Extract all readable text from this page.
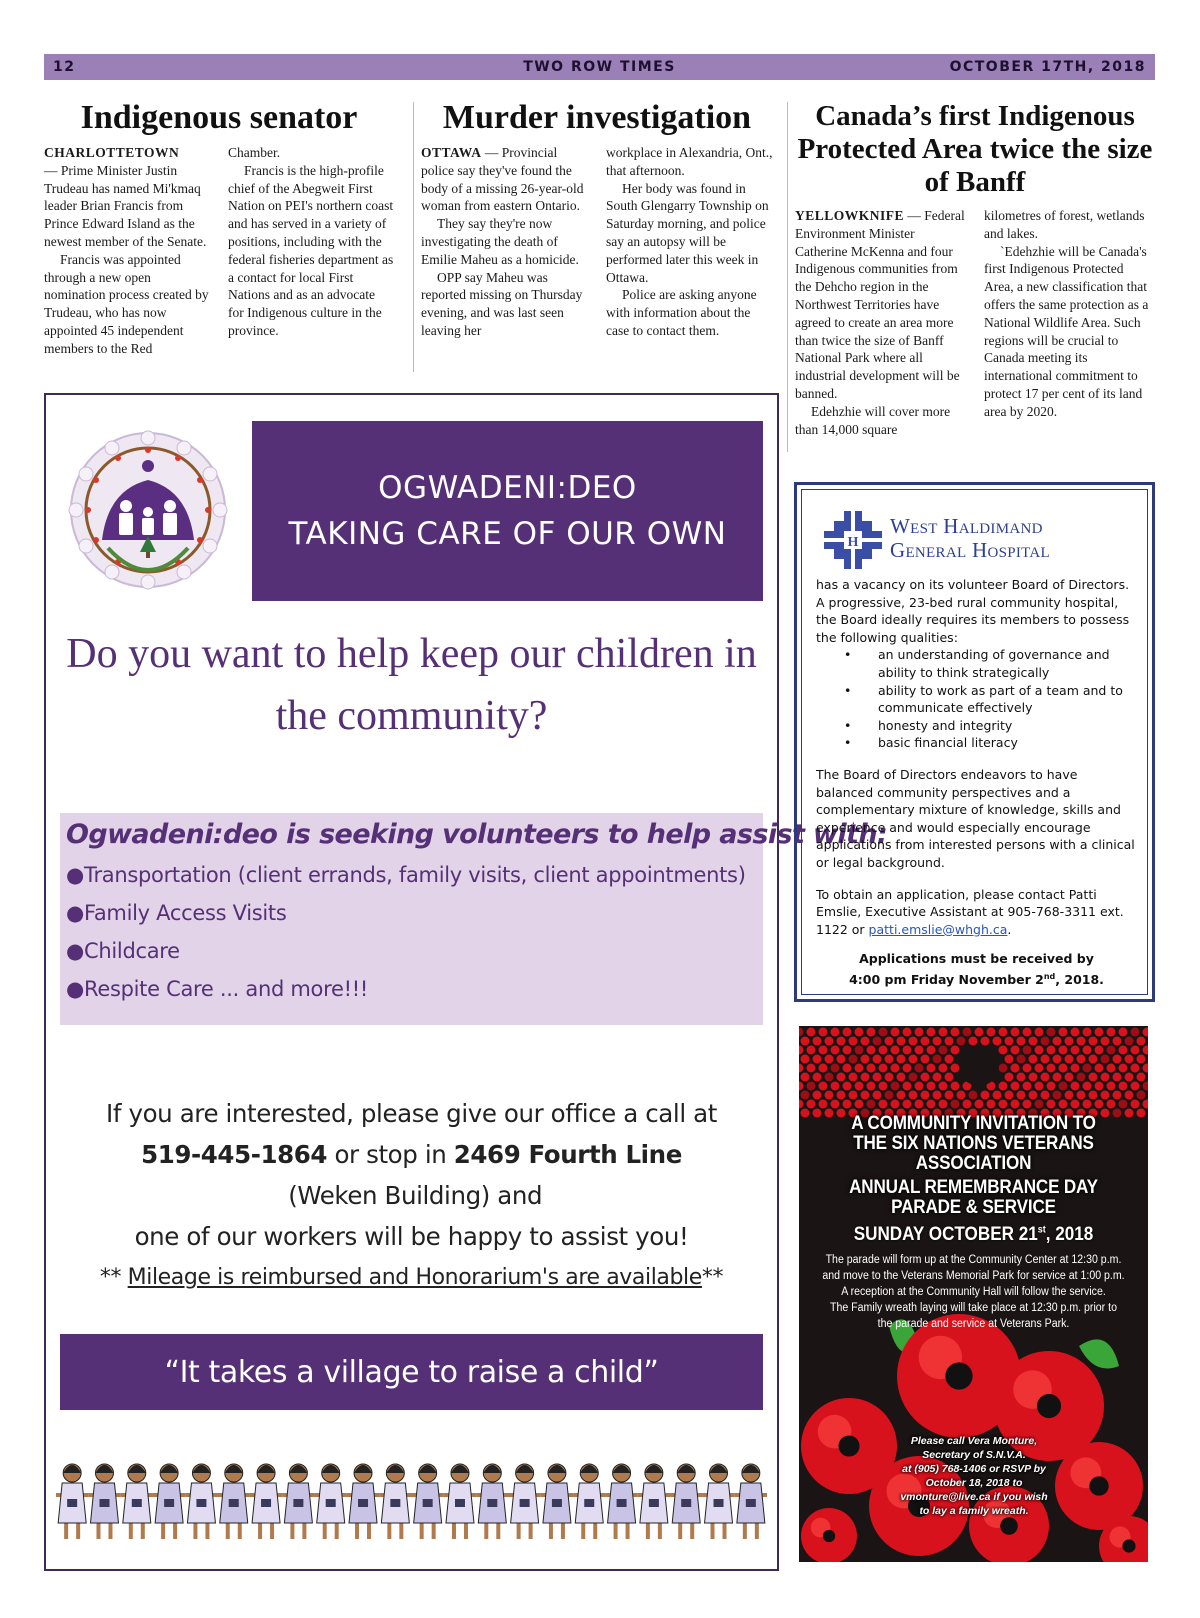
12	TWO ROW TIMES	OCTOBER 17TH, 2018
Indigenous senator

CHARLOTTETOWN
— Prime Minister Justin Trudeau has named Mi'kmaq leader Brian Francis from Prince Edward Island as the newest member of the Senate.

Francis was appointed through a new open nomination process created by Trudeau, who has now appointed 45 independent members to the Red

Chamber.

Francis is the high-profile chief of the Abegweit First Nation on PEI's northern coast and has served in a variety of positions, including with the federal fisheries department as a contact for local First Nations and as an advocate for Indigenous culture in the province.

Murder investigation

OTTAWA — Provincial police say they've found the body of a missing 26-year-old woman from eastern Ontario.

They say they're now investigating the death of Emilie Maheu as a homicide.

OPP say Maheu was reported missing on Thursday evening, and was last seen leaving her

workplace in Alexandria, Ont., that afternoon.

Her body was found in South Glengarry Township on Saturday morning, and police say an autopsy will be performed later this week in Ottawa.

Police are asking anyone with information about the case to contact them.

Canada’s first Indigenous Protected Area twice the size of Banff

YELLOWKNIFE — Federal Environment Minister Catherine McKenna and four Indigenous communities from the Dehcho region in the Northwest Territories have agreed to create an area more than twice the size of Banff National Park where all industrial development will be banned.

Edehzhie will cover more than 14,000 square

kilometres of forest, wetlands and lakes.

`Edehzhie will be Canada's first Indigenous Protected Area, a new classification that offers the same protection as a National Wildlife Area. Such regions will be crucial to Canada meeting its international commitment to protect 17 per cent of its land area by 2020.

OGWADENI:DEO
TAKING CARE OF OUR OWN
Do you want to help keep our children in
the community?
Ogwadeni:deo is seeking volunteers to help assist with:
●Transportation (client errands, family visits, client appointments)
●Family Access Visits
●Childcare
●Respite Care ... and more!!!
If you are interested, please give our office a call at
519-445-1864 or stop in 2469 Fourth Line (Weken Building) and
one of our workers will be happy to assist you!
** Mileage is reimbursed and Honorarium's are available**
“It takes a village to raise a child”
H
West Haldimand
General Hospital

has a vacancy on its volunteer Board of Directors. A progressive, 23-bed rural community hospital, the Board ideally requires its members to possess the following qualities:

• an understanding of governance and ability to think strategically
• ability to work as part of a team and to communicate effectively
• honesty and integrity
• basic financial literacy

The Board of Directors endeavors to have balanced community perspectives and a complementary mixture of knowledge, skills and experience and would especially encourage applications from interested persons with a clinical or legal background.

To obtain an application, please contact Patti Emslie, Executive Assistant at 905-768-3311 ext. 1122 or patti.emslie@whgh.ca.

Applications must be received by
4:00 pm Friday November 2nd, 2018.

A COMMUNITY INVITATION TO
THE SIX NATIONS VETERANS
ASSOCIATION
ANNUAL REMEMBRANCE DAY
PARADE & SERVICE
SUNDAY OCTOBER 21st, 2018
The parade will form up at the Community Center at 12:30 p.m.
and move to the Veterans Memorial Park for service at 1:00 p.m.
A reception at the Community Hall will follow the service.
The Family wreath laying will take place at 12:30 p.m. prior to
the parade and service at Veterans Park.
Please call Vera Monture,
Secretary of S.N.V.A.
at (905) 768-1406 or RSVP by
October 18, 2018 to
vmonture@live.ca if you wish
to lay a family wreath.
